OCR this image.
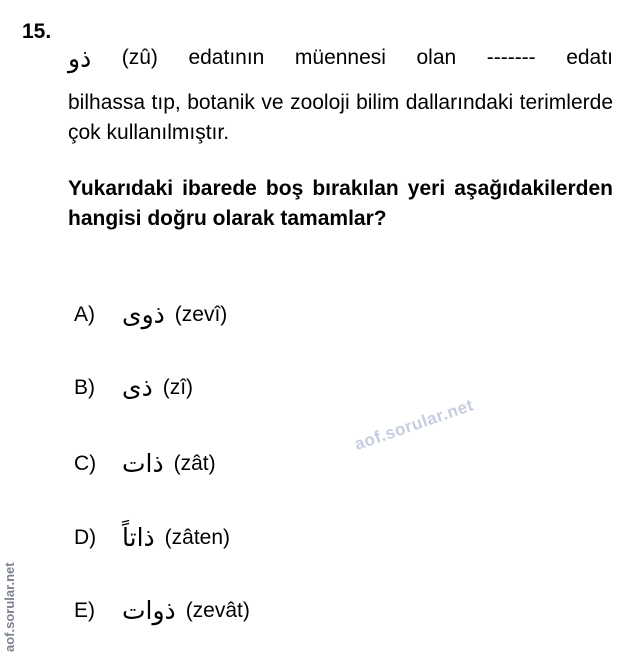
15.
ذو (zû) edatının müennesi olan ------- edatı
bilhassa tıp, botanik ve zooloji bilim dallarındaki terimlerde çok kullanılmıştır.
Yukarıdaki ibarede boş bırakılan yeri aşağıdakilerden hangisi doğru olarak tamamlar?
A)	ذوى (zevî)
B)	ذى (zî)
C)	ذات (zât)
D)	ذاتاً (zâten)
E)	ذوات (zevât)
aof.sorular.net
aof.sorular.net
